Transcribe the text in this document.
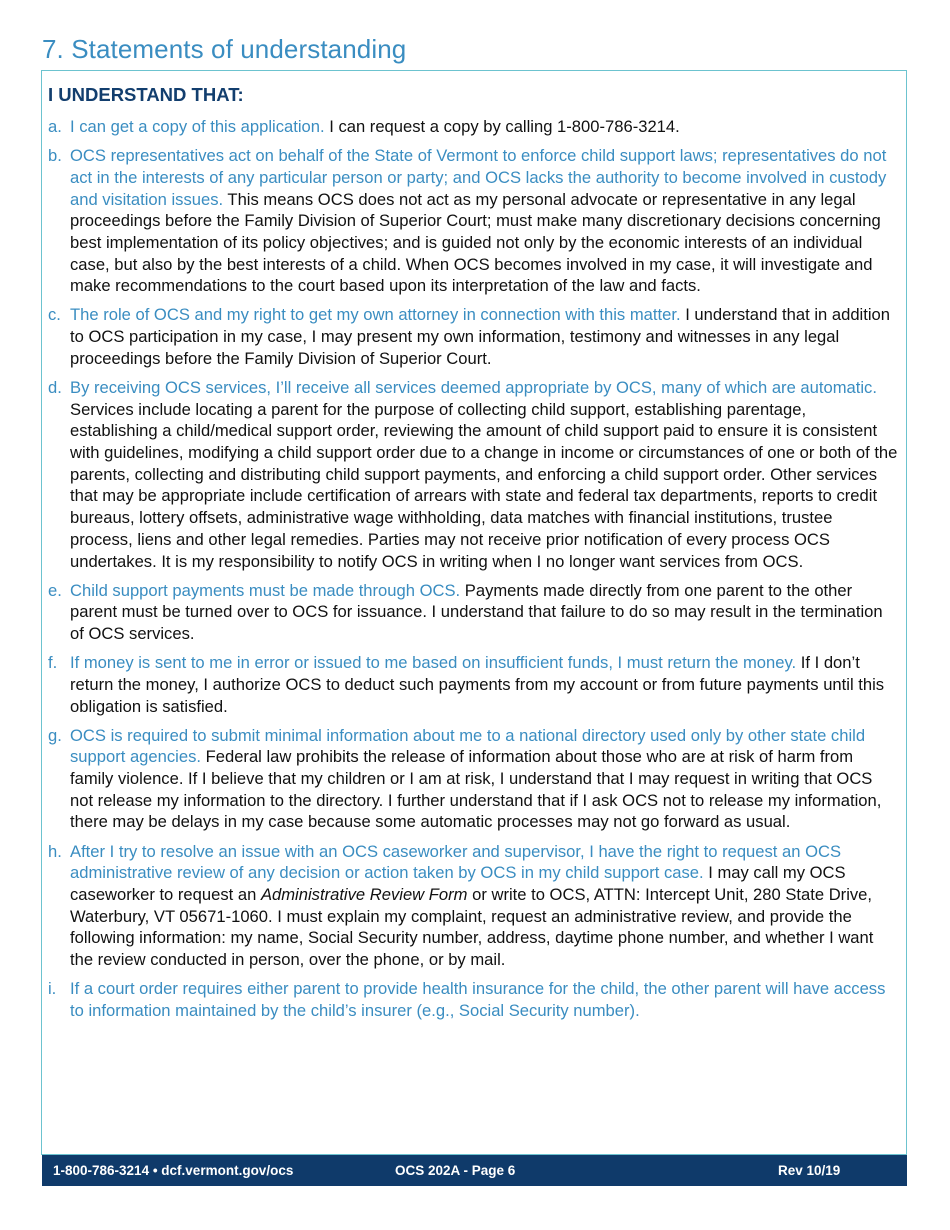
7. Statements of understanding
I UNDERSTAND THAT:
a. I can get a copy of this application. I can request a copy by calling 1-800-786-3214.
b. OCS representatives act on behalf of the State of Vermont to enforce child support laws; representatives do not act in the interests of any particular person or party; and OCS lacks the authority to become involved in custody and visitation issues. This means OCS does not act as my personal advocate or representative in any legal proceedings before the Family Division of Superior Court; must make many discretionary decisions concerning best implementation of its policy objectives; and is guided not only by the economic interests of an individual case, but also by the best interests of a child. When OCS becomes involved in my case, it will investigate and make recommendations to the court based upon its interpretation of the law and facts.
c. The role of OCS and my right to get my own attorney in connection with this matter. I understand that in addition to OCS participation in my case, I may present my own information, testimony and witnesses in any legal proceedings before the Family Division of Superior Court.
d. By receiving OCS services, I’ll receive all services deemed appropriate by OCS, many of which are automatic. Services include locating a parent for the purpose of collecting child support, establishing parentage, establishing a child/medical support order, reviewing the amount of child support paid to ensure it is consistent with guidelines, modifying a child support order due to a change in income or circumstances of one or both of the parents, collecting and distributing child support payments, and enforcing a child support order. Other services that may be appropriate include certification of arrears with state and federal tax departments, reports to credit bureaus, lottery offsets, administrative wage withholding, data matches with financial institutions, trustee process, liens and other legal remedies. Parties may not receive prior notification of every process OCS undertakes. It is my responsibility to notify OCS in writing when I no longer want services from OCS.
e. Child support payments must be made through OCS. Payments made directly from one parent to the other parent must be turned over to OCS for issuance. I understand that failure to do so may result in the termination of OCS services.
f. If money is sent to me in error or issued to me based on insufficient funds, I must return the money. If I don’t return the money, I authorize OCS to deduct such payments from my account or from future payments until this obligation is satisfied.
g. OCS is required to submit minimal information about me to a national directory used only by other state child support agencies. Federal law prohibits the release of information about those who are at risk of harm from family violence. If I believe that my children or I am at risk, I understand that I may request in writing that OCS not release my information to the directory. I further understand that if I ask OCS not to release my information, there may be delays in my case because some automatic processes may not go forward as usual.
h. After I try to resolve an issue with an OCS caseworker and supervisor, I have the right to request an OCS administrative review of any decision or action taken by OCS in my child support case. I may call my OCS caseworker to request an Administrative Review Form or write to OCS, ATTN: Intercept Unit, 280 State Drive, Waterbury, VT 05671-1060. I must explain my complaint, request an administrative review, and provide the following information: my name, Social Security number, address, daytime phone number, and whether I want the review conducted in person, over the phone, or by mail.
i. If a court order requires either parent to provide health insurance for the child, the other parent will have access to information maintained by the child’s insurer (e.g., Social Security number).
1-800-786-3214 • dcf.vermont.gov/ocs	OCS 202A - Page 6	Rev 10/19
